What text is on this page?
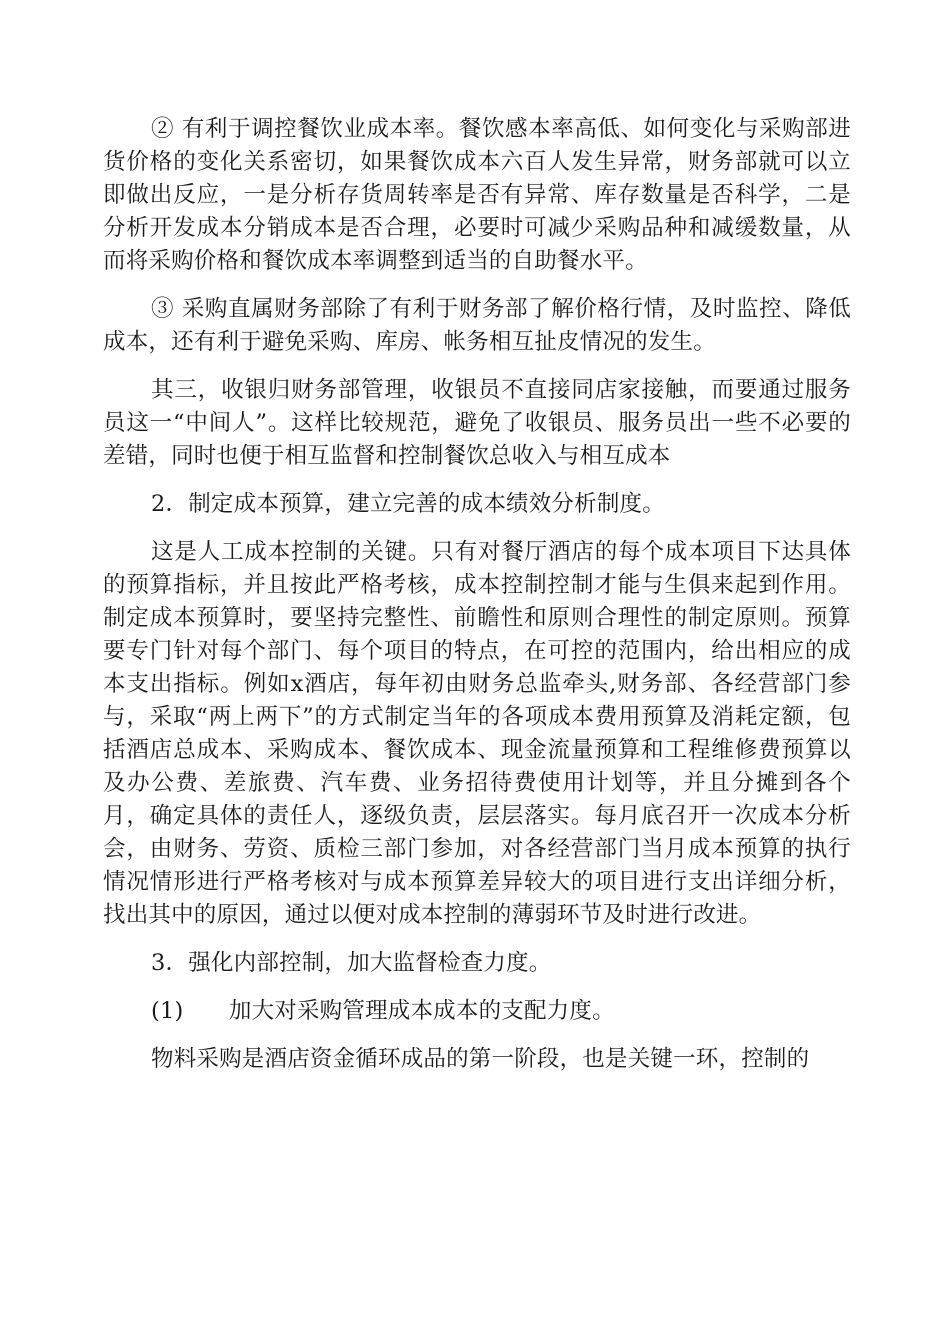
② 有利于调控餐饮业成本率。餐饮感本率高低、如何变化与采购部进货价格的变化关系密切，如果餐饮成本六百人发生异常，财务部就可以立即做出反应，一是分析存货周转率是否有异常、库存数量是否科学，二是分析开发成本分销成本是否合理，必要时可减少采购品种和减缓数量，从而将采购价格和餐饮成本率调整到适当的自助餐水平。

③ 采购直属财务部除了有利于财务部了解价格行情，及时监控、降低成本，还有利于避免采购、库房、帐务相互扯皮情况的发生。

其三，收银归财务部管理，收银员不直接同店家接触，而要通过服务员这一“中间人”。这样比较规范，避免了收银员、服务员出一些不必要的差错，同时也便于相互监督和控制餐饮总收入与相互成本

2．制定成本预算，建立完善的成本绩效分析制度。

这是人工成本控制的关键。只有对餐厅酒店的每个成本项目下达具体的预算指标，并且按此严格考核，成本控制控制才能与生俱来起到作用。制定成本预算时，要坚持完整性、前瞻性和原则合理性的制定原则。预算要专门针对每个部门、每个项目的特点，在可控的范围内，给出相应的成本支出指标。例如x酒店，每年初由财务总监牵头,财务部、各经营部门参与，采取“两上两下”的方式制定当年的各项成本费用预算及消耗定额，包括酒店总成本、采购成本、餐饮成本、现金流量预算和工程维修费预算以及办公费、差旅费、汽车费、业务招待费使用计划等，并且分摊到各个月，确定具体的责任人，逐级负责，层层落实。每月底召开一次成本分析会，由财务、劳资、质检三部门参加，对各经营部门当月成本预算的执行情况情形进行严格考核对与成本预算差异较大的项目进行支出详细分析，找出其中的原因，通过以便对成本控制的薄弱环节及时进行改进。

3．强化内部控制，加大监督检查力度。

(1)　　加大对采购管理成本成本的支配力度。

物料采购是酒店资金循环成品的第一阶段，也是关键一环，控制的
